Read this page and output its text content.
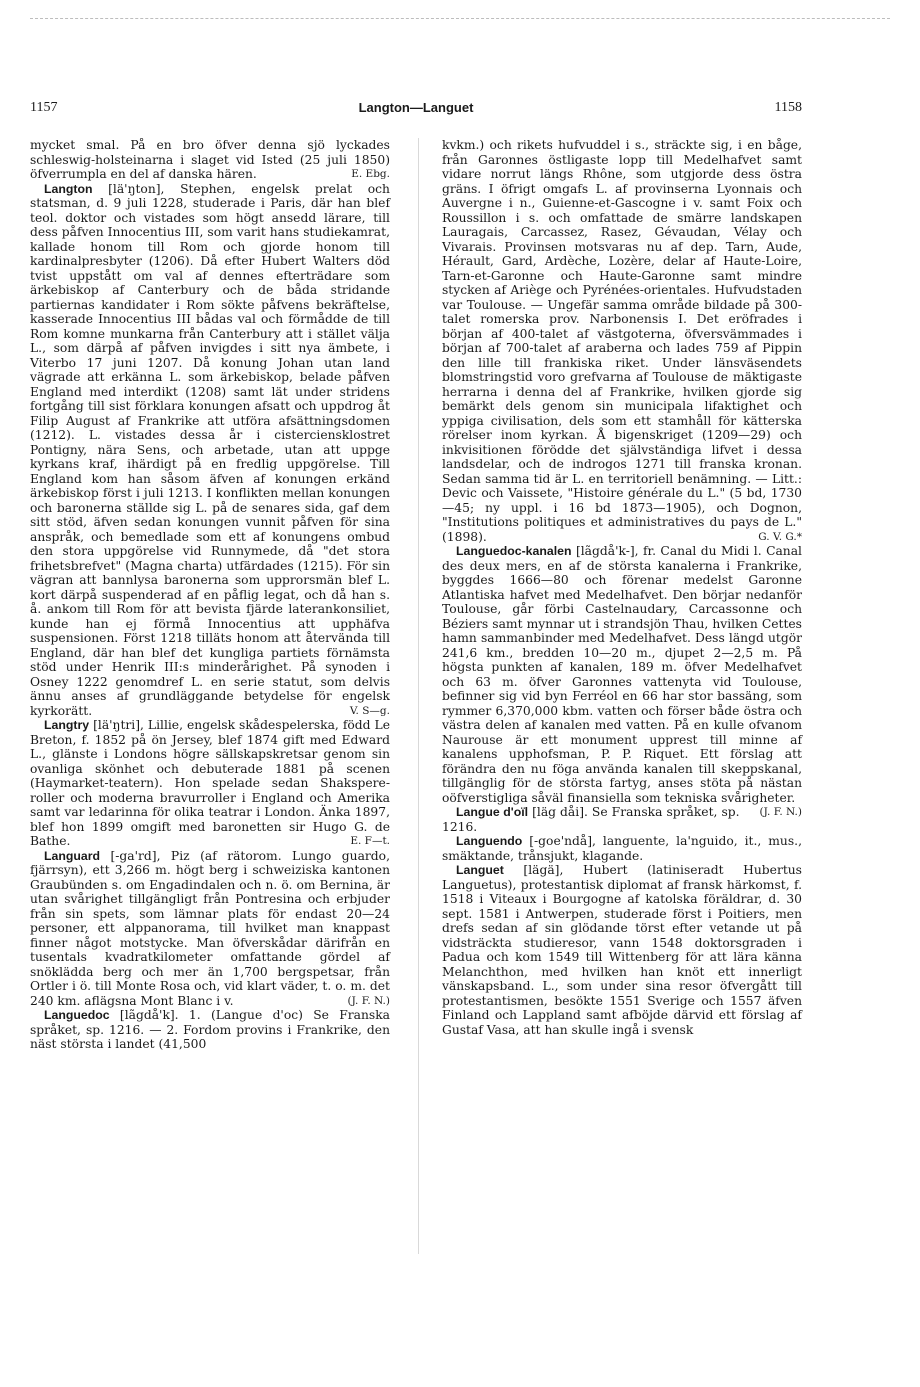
1157	Langton—Languet	1158

mycket smal. På en bro öfver denna sjö lyckades schleswig-holsteinarna i slaget vid Isted (25 juli 1850) öfverrumpla en del af danska hären.	E. Ebg.

Langton [lä'ŋton], Stephen, engelsk prelat och statsman, d. 9 juli 1228, studerade i Paris, där han blef teol. doktor och vistades som högt ansedd lärare, till dess påfven Innocentius III, som varit hans studiekamrat, kallade honom till Rom och gjorde honom till kardinalpresbyter (1206). Då efter Hubert Walters död tvist uppstått om val af dennes efterträdare som ärkebiskop af Canterbury och de båda stridande partiernas kandidater i Rom sökte påfvens bekräftelse, kasserade Innocentius III bådas val och förmådde de till Rom komne munkarna från Canterbury att i stället välja L., som därpå af påfven invigdes i sitt nya ämbete, i Viterbo 17 juni 1207. Då konung Johan utan land vägrade att erkänna L. som ärkebiskop, belade påfven England med interdikt (1208) samt lät under stridens fortgång till sist förklara konungen afsatt och uppdrog åt Filip August af Frankrike att utföra afsättningsdomen (1212). L. vistades dessa år i cisterciensklostret Pontigny, nära Sens, och arbetade, utan att uppge kyrkans kraf, ihärdigt på en fredlig uppgörelse. Till England kom han såsom äfven af konungen erkänd ärkebiskop först i juli 1213. I konflikten mellan konungen och baronerna ställde sig L. på de senares sida, gaf dem sitt stöd, äfven sedan konungen vunnit påfven för sina anspråk, och bemedlade som ett af konungens ombud den stora uppgörelse vid Runnymede, då "det stora frihetsbrefvet" (Magna charta) utfärdades (1215). För sin vägran att bannlysa baronerna som upprorsmän blef L. kort därpå suspenderad af en påflig legat, och då han s. å. ankom till Rom för att bevista fjärde laterankonsiliet, kunde han ej förmå Innocentius att upphäfva suspensionen. Först 1218 tilläts honom att återvända till England, där han blef det kungliga partiets förnämsta stöd under Henrik III:s minderårighet. På synoden i Osney 1222 genomdref L. en serie statut, som delvis ännu anses af grundläggande betydelse för engelsk kyrkorätt.	V. S—g.

Langtry [lä'ŋtri], Lillie, engelsk skådespelerska, född Le Breton, f. 1852 på ön Jersey, blef 1874 gift med Edward L., glänste i Londons högre sällskapskretsar genom sin ovanliga skönhet och debuterade 1881 på scenen (Haymarket-teatern). Hon spelade sedan Shakspere-roller och moderna bravurroller i England och Amerika samt var ledarinna för olika teatrar i London. Änka 1897, blef hon 1899 omgift med baronetten sir Hugo G. de Bathe.	E. F—t.

Languard [-ga'rd], Piz (af rätorom. Lungo guardo, fjärrsyn), ett 3,266 m. högt berg i schweiziska kantonen Graubünden s. om Engadindalen och n. ö. om Bernina, är utan svårighet tillgängligt från Pontresina och erbjuder från sin spets, som lämnar plats för endast 20—24 personer, ett alppanorama, till hvilket man knappast finner något motstycke. Man öfverskådar därifrån en tusentals kvadratkilometer omfattande gördel af snöklädda berg och mer än 1,700 bergspetsar, från Ortler i ö. till Monte Rosa och, vid klart väder, t. o. m. det 240 km. aflägsna Mont Blanc i v.	(J. F. N.)

Languedoc [lãgdå'k]. 1. (Langue d'oc) Se Franska språket, sp. 1216. — 2. Fordom provins i Frankrike, den näst största i landet (41,500

kvkm.) och rikets hufvuddel i s., sträckte sig, i en båge, från Garonnes östligaste lopp till Medelhafvet samt vidare norrut längs Rhône, som utgjorde dess östra gräns. I öfrigt omgafs L. af provinserna Lyonnais och Auvergne i n., Guienne-et-Gascogne i v. samt Foix och Roussillon i s. och omfattade de smärre landskapen Lauragais, Carcassez, Rasez, Gévaudan, Vélay och Vivarais. Provinsen motsvaras nu af dep. Tarn, Aude, Hérault, Gard, Ardèche, Lozère, delar af Haute-Loire, Tarn-et-Garonne och Haute-Garonne samt mindre stycken af Ariège och Pyrénées-orientales. Hufvudstaden var Toulouse. — Ungefär samma område bildade på 300-talet romerska prov. Narbonensis I. Det eröfrades i början af 400-talet af västgoterna, öfversvämmades i början af 700-talet af araberna och lades 759 af Pippin den lille till frankiska riket. Under länsväsendets blomstringstid voro grefvarna af Toulouse de mäktigaste herrarna i denna del af Frankrike, hvilken gjorde sig bemärkt dels genom sin municipala lifaktighet och yppiga civilisation, dels som ett stamhåll för kätterska rörelser inom kyrkan. Å bigenskriget (1209—29) och inkvisitionen förödde det självständiga lifvet i dessa landsdelar, och de indrogos 1271 till franska kronan. Sedan samma tid är L. en territoriell benämning. — Litt.: Devic och Vaissete, "Histoire générale du L." (5 bd, 1730—45; ny uppl. i 16 bd 1873—1905), och Dognon, "Institutions politiques et administratives du pays de L." (1898).	G. V. G.*

Languedoc-kanalen [lãgdå'k-], fr. Canal du Midi l. Canal des deux mers, en af de största kanalerna i Frankrike, byggdes 1666—80 och förenar medelst Garonne Atlantiska hafvet med Medelhafvet. Den börjar nedanför Toulouse, går förbi Castelnaudary, Carcassonne och Béziers samt mynnar ut i strandsjön Thau, hvilken Cettes hamn sammanbinder med Medelhafvet. Dess längd utgör 241,6 km., bredden 10—20 m., djupet 2—2,5 m. På högsta punkten af kanalen, 189 m. öfver Medelhafvet och 63 m. öfver Garonnes vattenyta vid Toulouse, befinner sig vid byn Ferréol en 66 har stor bassäng, som rymmer 6,370,000 kbm. vatten och förser både östra och västra delen af kanalen med vatten. På en kulle ofvanom Naurouse är ett monument upprest till minne af kanalens upphofsman, P. P. Riquet. Ett förslag att förändra den nu föga använda kanalen till skeppskanal, tillgänglig för de största fartyg, anses stöta på nästan oöfverstigliga såväl finansiella som tekniska svårigheter.
(J. F. N.)

Langue d'oïl [läg dåi]. Se Franska språket, sp. 1216.

Languendo [-goe'ndå], languente, la'nguido, it., mus., smäktande, trånsjukt, klagande.

Languet [lägä], Hubert (latiniseradt Hubertus Languetus), protestantisk diplomat af fransk härkomst, f. 1518 i Viteaux i Bourgogne af katolska föräldrar, d. 30 sept. 1581 i Antwerpen, studerade först i Poitiers, men drefs sedan af sin glödande törst efter vetande ut på vidsträckta studieresor, vann 1548 doktorsgraden i Padua och kom 1549 till Wittenberg för att lära känna Melanchthon, med hvilken han knöt ett innerligt vänskapsband. L., som under sina resor öfvergått till protestantismen, besökte 1551 Sverige och 1557 äfven Finland och Lappland samt afböjde därvid ett förslag af Gustaf Vasa, att han skulle ingå i svensk
